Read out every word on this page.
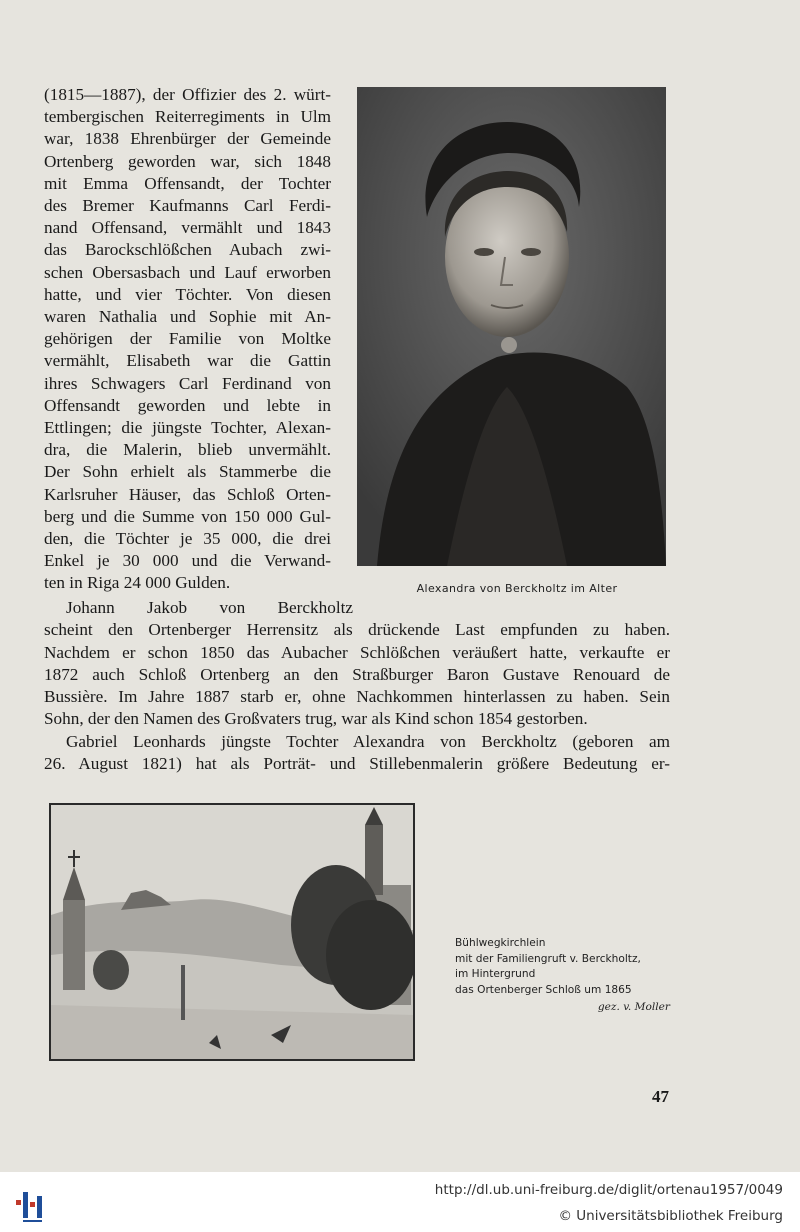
(1815—1887), der Offizier des 2. würt-
tembergischen Reiterregiments in Ulm
war, 1838 Ehrenbürger der Gemeinde
Ortenberg geworden war, sich 1848
mit Emma Offensandt, der Tochter
des Bremer Kaufmanns Carl Ferdi-
nand Offensand, vermählt und 1843
das Barockschlößchen Aubach zwi-
schen Obersasbach und Lauf erworben
hatte, und vier Töchter. Von diesen
waren Nathalia und Sophie mit An-
gehörigen der Familie von Moltke
vermählt, Elisabeth war die Gattin
ihres Schwagers Carl Ferdinand von
Offensandt geworden und lebte in
Ettlingen; die jüngste Tochter, Alexan-
dra, die Malerin, blieb unvermählt.
Der Sohn erhielt als Stammerbe die
Karlsruher Häuser, das Schloß Orten-
berg und die Summe von 150 000 Gul-
den, die Töchter je 35 000, die drei
Enkel je 30 000 und die Verwand-
ten in Riga 24 000 Gulden.	Alexandra von Berckholtz im Alter
Johann Jakob von Berckholtz
scheint den Ortenberger Herrensitz als drückende Last empfunden zu haben.
Nachdem er schon 1850 das Aubacher Schlößchen veräußert hatte, verkaufte er
1872 auch Schloß Ortenberg an den Straßburger Baron Gustave Renouard de
Bussière. Im Jahre 1887 starb er, ohne Nachkommen hinterlassen zu haben. Sein
Sohn, der den Namen des Großvaters trug, war als Kind schon 1854 gestorben.
Gabriel Leonhards jüngste Tochter Alexandra von Berckholtz (geboren am
26. August 1821) hat als Porträt- und Stillebenmalerin größere Bedeutung er-
Bühlwegkirchlein
mit der Familiengruft v. Berckholtz,
im Hintergrund
das Ortenberger Schloß um 1865
gez. v. Moller
47
http://dl.ub.uni-freiburg.de/diglit/ortenau1957/0049
© Universitätsbibliothek Freiburg
